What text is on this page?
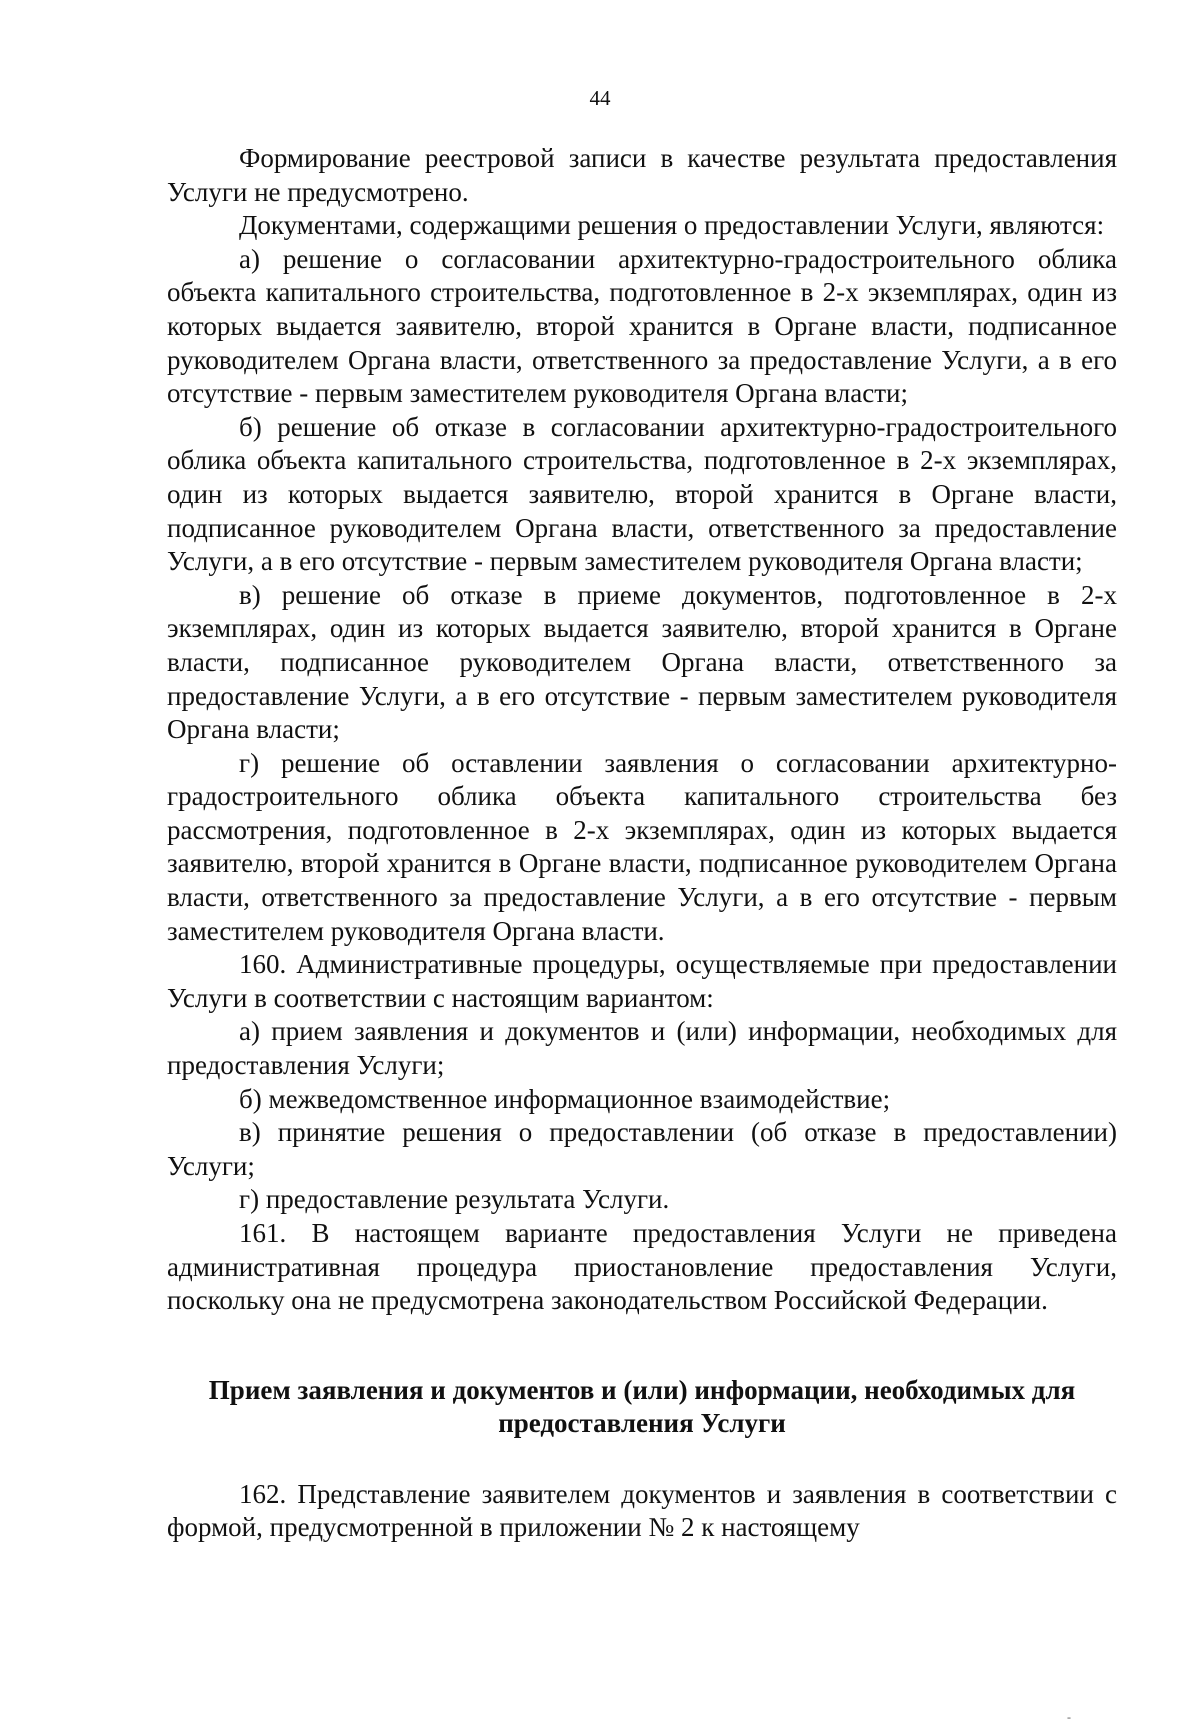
44

Формирование реестровой записи в качестве результата предоставления Услуги не предусмотрено.

Документами, содержащими решения о предоставлении Услуги, являются:

а) решение о согласовании архитектурно-градостроительного облика объекта капитального строительства, подготовленное в 2-х экземплярах, один из которых выдается заявителю, второй хранится в Органе власти, подписанное руководителем Органа власти, ответственного за предоставление Услуги, а в его отсутствие - первым заместителем руководителя Органа власти;

б) решение об отказе в согласовании архитектурно-градостроительного облика объекта капитального строительства, подготовленное в 2-х экземплярах, один из которых выдается заявителю, второй хранится в Органе власти, подписанное руководителем Органа власти, ответственного за предоставление Услуги, а в его отсутствие - первым заместителем руководителя Органа власти;

в) решение об отказе в приеме документов, подготовленное в 2-х экземплярах, один из которых выдается заявителю, второй хранится в Органе власти, подписанное руководителем Органа власти, ответственного за предоставление Услуги, а в его отсутствие - первым заместителем руководителя Органа власти;

г) решение об оставлении заявления о согласовании архитектурно-градостроительного облика объекта капитального строительства без рассмотрения, подготовленное в 2-х экземплярах, один из которых выдается заявителю, второй хранится в Органе власти, подписанное руководителем Органа власти, ответственного за предоставление Услуги, а в его отсутствие - первым заместителем руководителя Органа власти.

160. Административные процедуры, осуществляемые при предоставлении Услуги в соответствии с настоящим вариантом:

а) прием заявления и документов и (или) информации, необходимых для предоставления Услуги;

б) межведомственное информационное взаимодействие;

в) принятие решения о предоставлении (об отказе в предоставлении) Услуги;

г) предоставление результата Услуги.

161. В настоящем варианте предоставления Услуги не приведена административная процедура приостановление предоставления Услуги, поскольку она не предусмотрена законодательством Российской Федерации.

Прием заявления и документов и (или) информации, необходимых для предоставления Услуги

162. Представление заявителем документов и заявления в соответствии с формой, предусмотренной в приложении № 2 к настоящему

-
